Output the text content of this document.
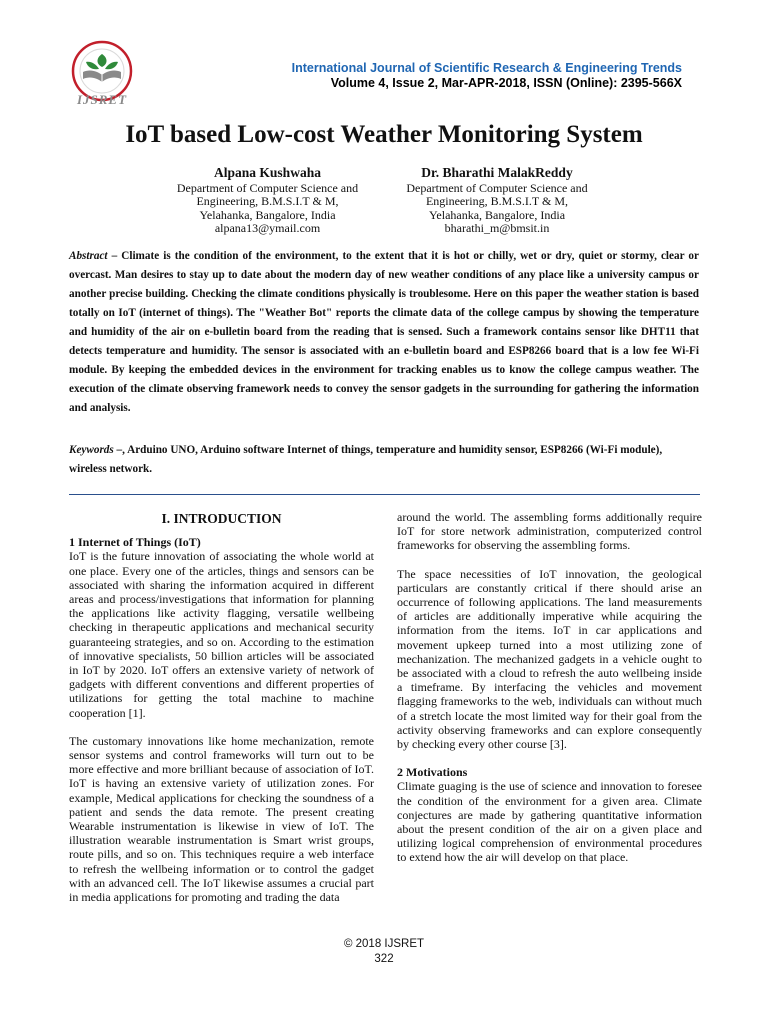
IJSRET
International Journal of Scientific Research & Engineering Trends
Volume 4, Issue 2, Mar-APR-2018, ISSN (Online): 2395-566X
IoT based Low-cost Weather Monitoring System
Alpana Kushwaha
Department of Computer Science and
Engineering, B.M.S.I.T & M,
Yelahanka, Bangalore, India
alpana13@ymail.com
Dr. Bharathi MalakReddy
Department of Computer Science and
Engineering, B.M.S.I.T & M,
Yelahanka, Bangalore, India
bharathi_m@bmsit.in
Abstract – Climate is the condition of the environment, to the extent that it is hot or chilly, wet or dry, quiet or stormy, clear or overcast. Man desires to stay up to date about the modern day of new weather conditions of any place like a university campus or another precise building. Checking the climate conditions physically is troublesome. Here on this paper the weather station is based totally on IoT (internet of things). The "Weather Bot" reports the climate data of the college campus by showing the temperature and humidity of the air on e-bulletin board from the reading that is sensed. Such a framework contains sensor like DHT11 that detects temperature and humidity. The sensor is associated with an e-bulletin board and ESP8266 board that is a low fee Wi-Fi module. By keeping the embedded devices in the environment for tracking enables us to know the college campus weather. The execution of the climate observing framework needs to convey the sensor gadgets in the surrounding for gathering the information and analysis.
Keywords –, Arduino UNO, Arduino software Internet of things, temperature and humidity sensor, ESP8266 (Wi-Fi module), wireless network.
I. INTRODUCTION
1 Internet of Things (IoT)

IoT is the future innovation of associating the whole world at one place. Every one of the articles, things and sensors can be associated with sharing the information acquired in different areas and process/investigations that information for planning the applications like activity flagging, versatile wellbeing checking in therapeutic applications and mechanical security guaranteeing strategies, and so on. According to the estimation of innovative specialists, 50 billion articles will be associated in IoT by 2020. IoT offers an extensive variety of network of gadgets with different conventions and different properties of utilizations for getting the total machine to machine cooperation [1].

The customary innovations like home mechanization, remote sensor systems and control frameworks will turn out to be more effective and more brilliant because of association of IoT. IoT is having an extensive variety of utilization zones. For example, Medical applications for checking the soundness of a patient and sends the data remote. The present creating Wearable instrumentation is likewise in view of IoT. The illustration wearable instrumentation is Smart wrist groups, route pills, and so on. This techniques require a web interface to refresh the wellbeing information or to control the gadget with an advanced cell. The IoT likewise assumes a crucial part in media applications for promoting and trading the data

around the world. The assembling forms additionally require IoT for store network administration, computerized control frameworks for observing the assembling forms.

The space necessities of IoT innovation, the geological particulars are constantly critical if there should arise an occurrence of following applications. The land measurements of articles are additionally imperative while acquiring the information from the items. IoT in car applications and movement upkeep turned into a most utilizing zone of mechanization. The mechanized gadgets in a vehicle ought to be associated with a cloud to refresh the auto wellbeing inside a timeframe. By interfacing the vehicles and movement flagging frameworks to the web, individuals can without much of a stretch locate the most limited way for their goal from the activity observing frameworks and can explore consequently by checking every other course [3].

2 Motivations

Climate guaging is the use of science and innovation to foresee the condition of the environment for a given area. Climate conjectures are made by gathering quantitative information about the present condition of the air on a given place and utilizing logical comprehension of environmental procedures to extend how the air will develop on that place.

© 2018 IJSRET
322
